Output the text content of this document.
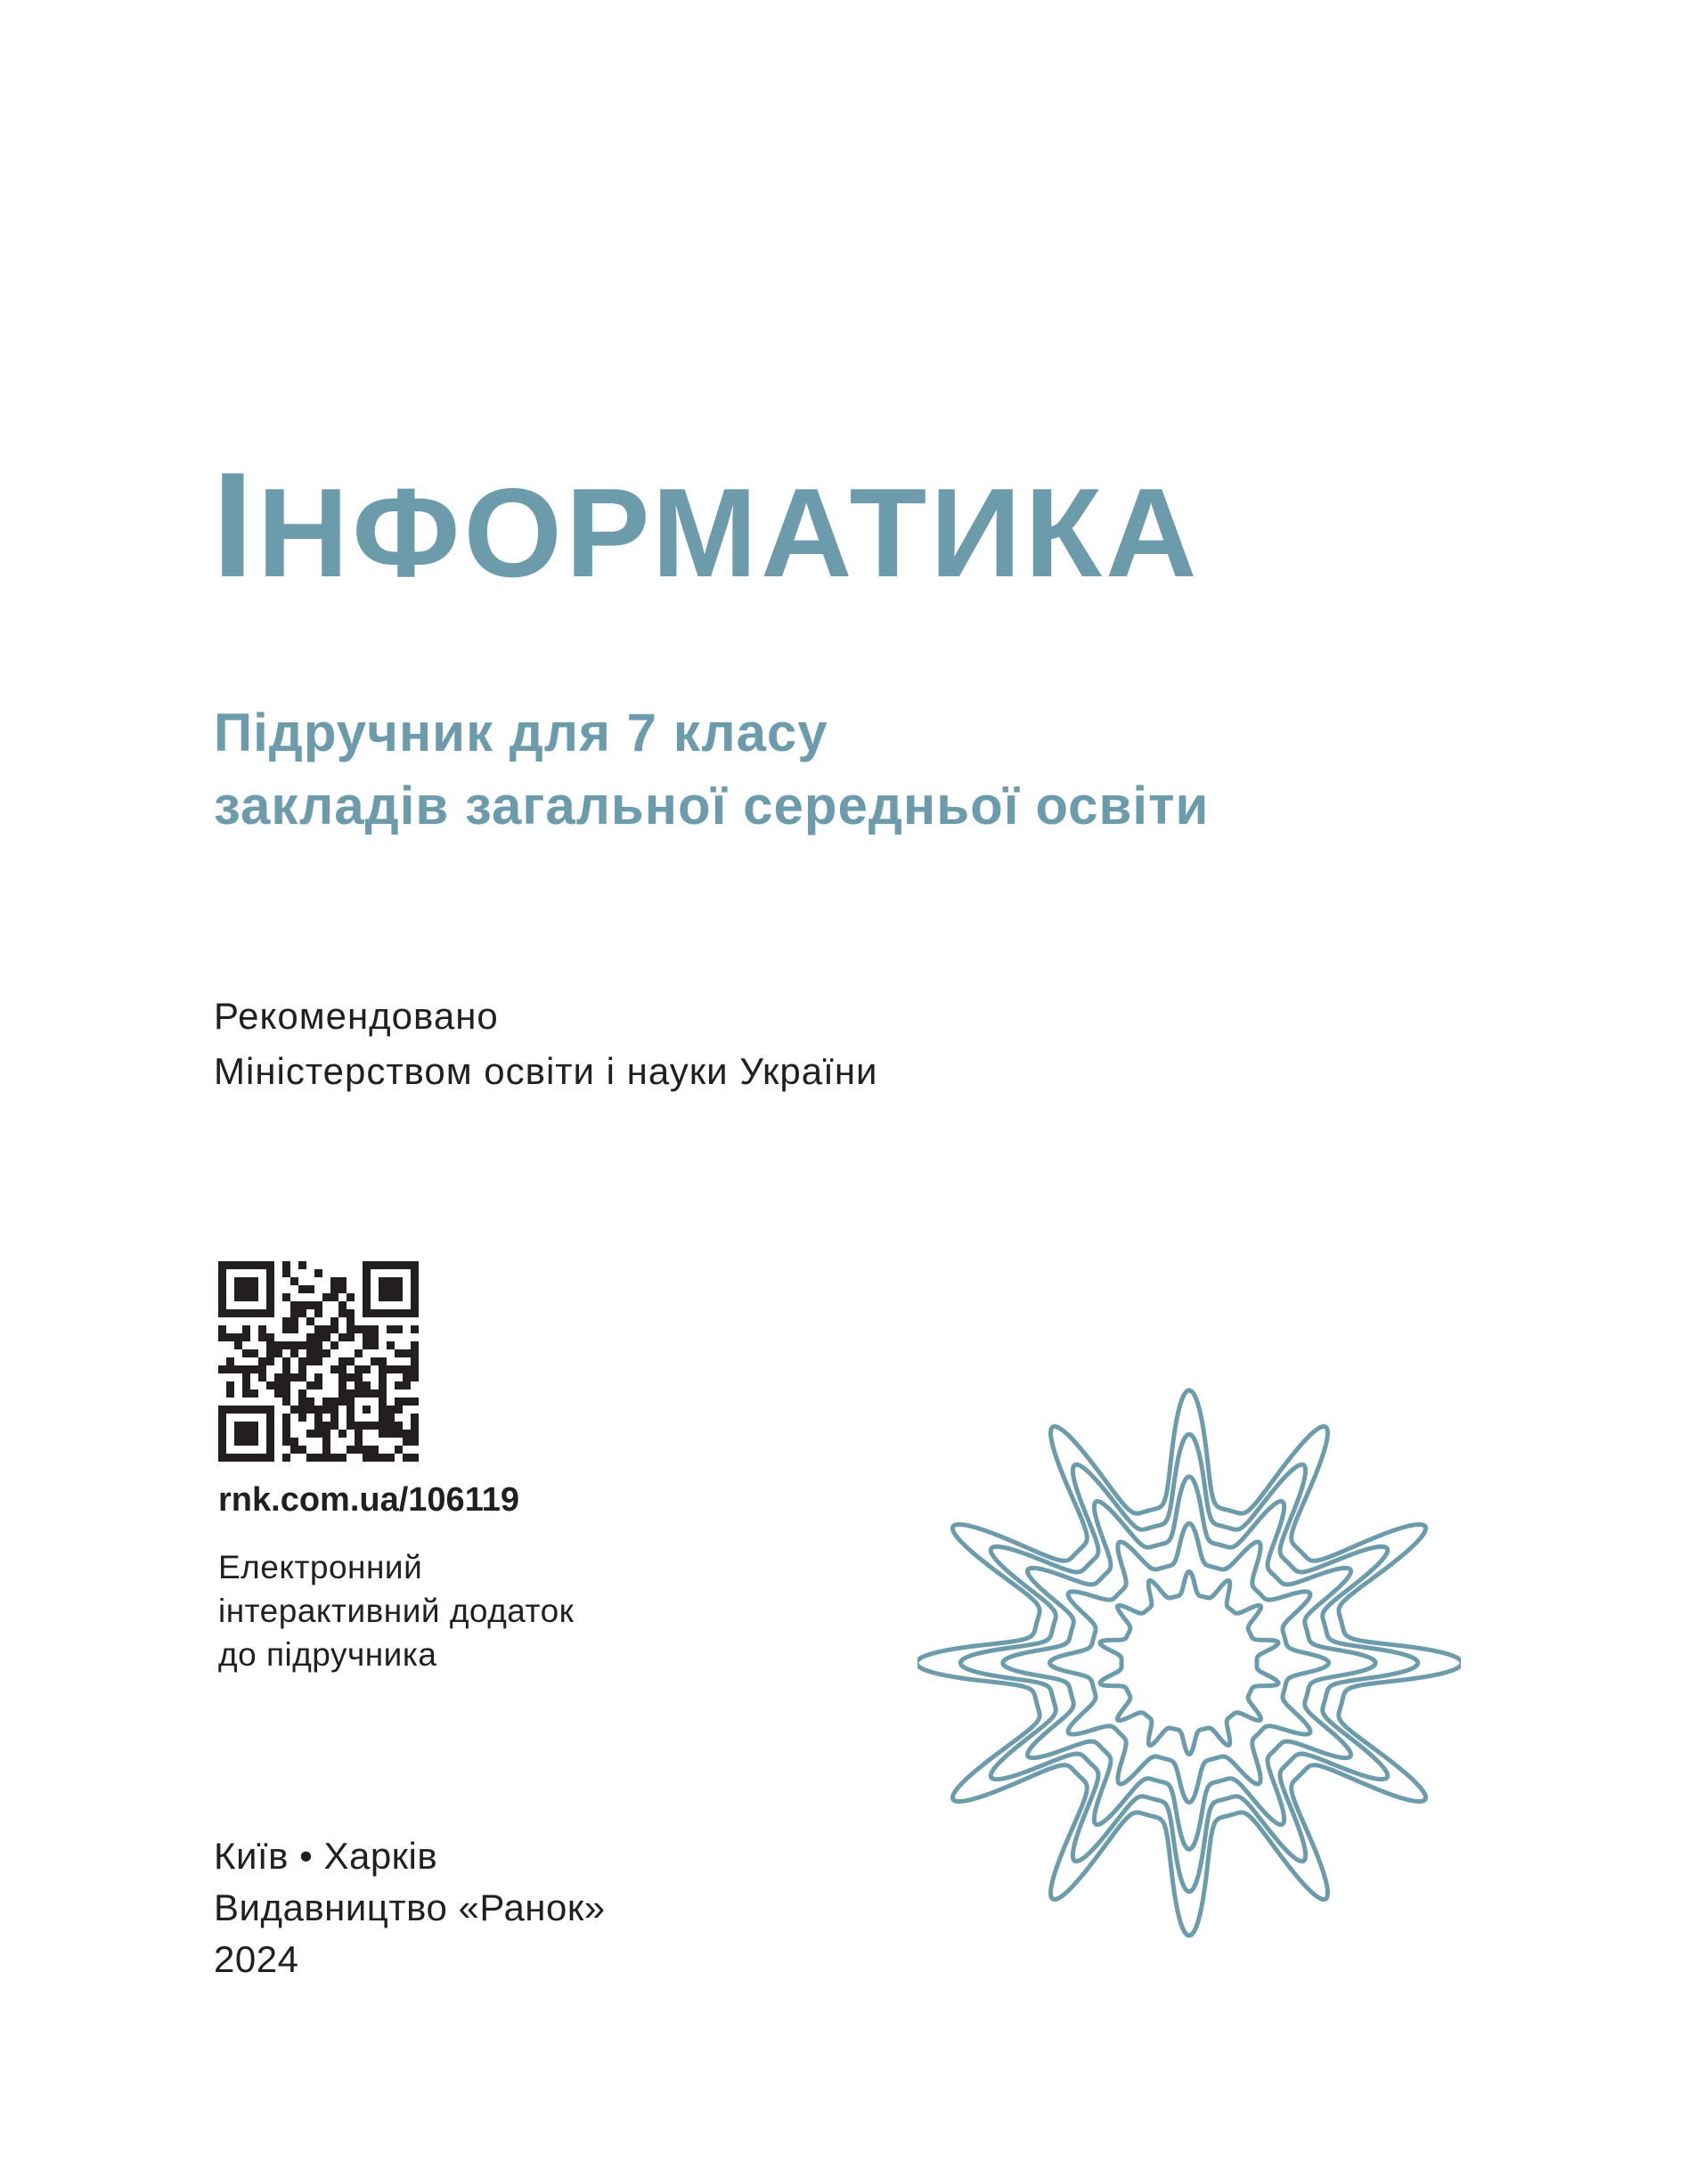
ІНФОРМАТИКА
Підручник для 7 класу
закладів загальної середньої освіти
Рекомендовано
Міністерством освіти і науки України
rnk.com.ua/106119
Електронний
інтерактивний додаток
до підручника
Київ • Харків
Видавництво «Ранок»
2024
